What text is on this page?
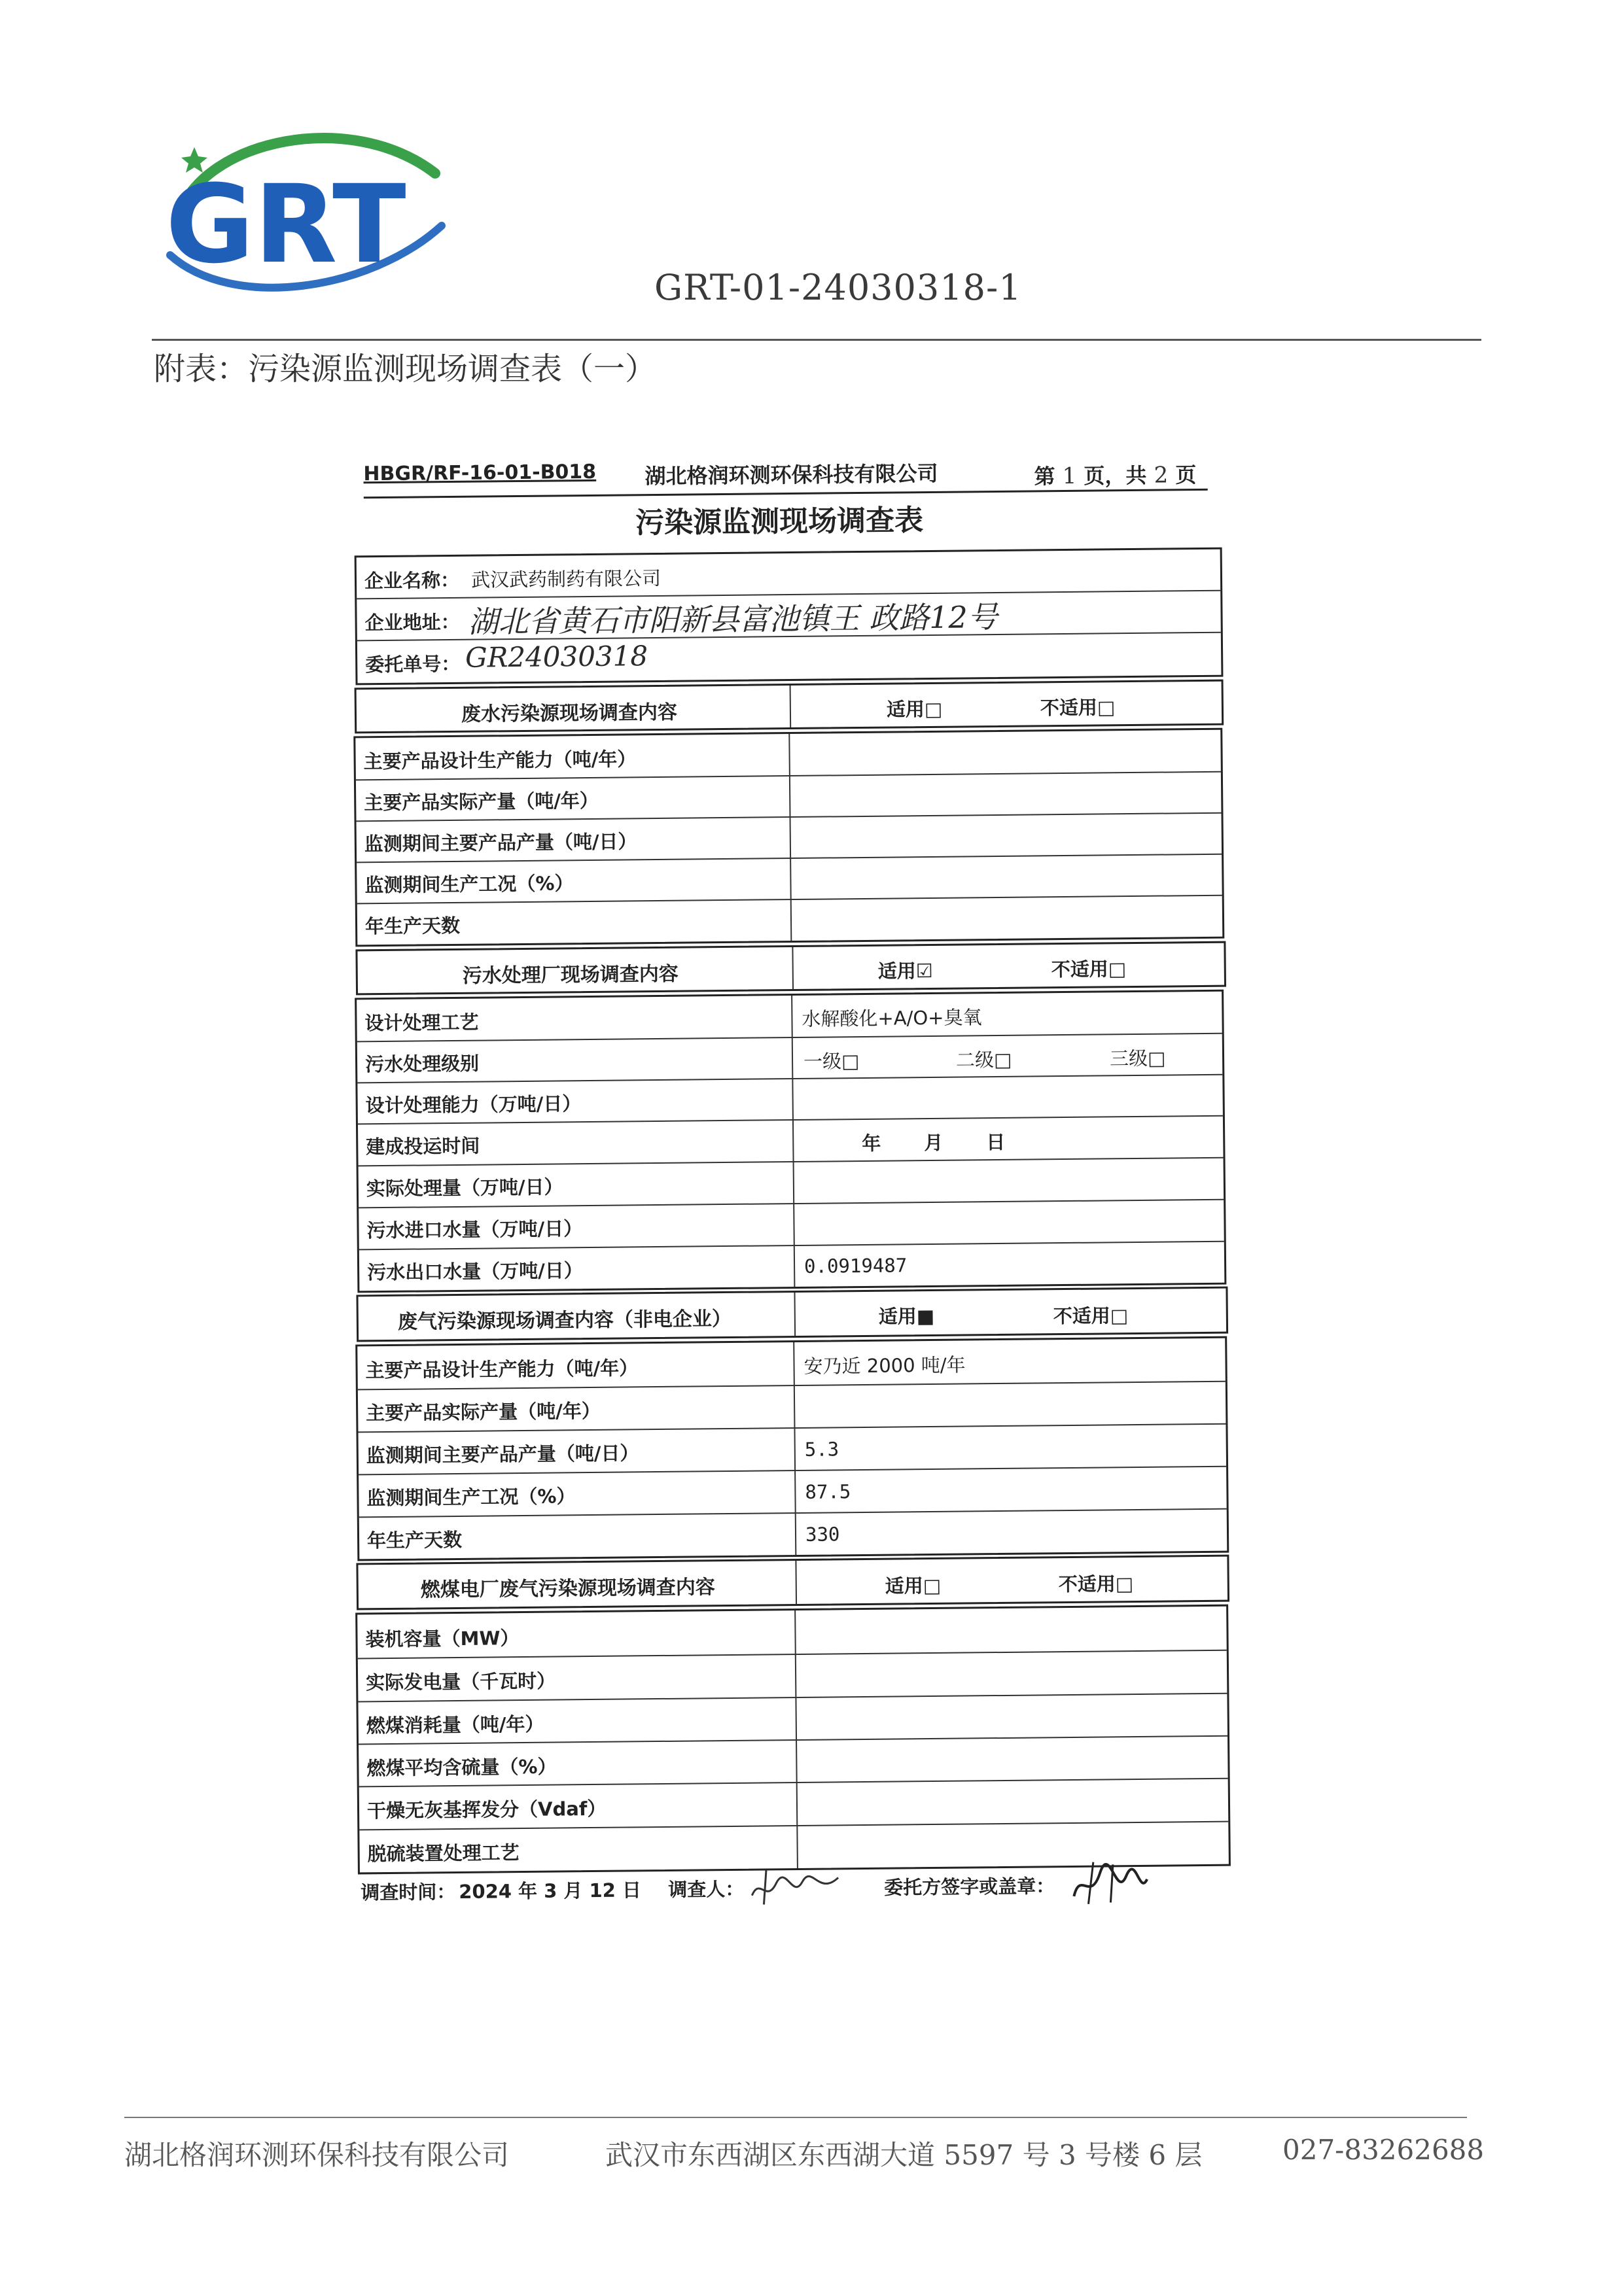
GRT
GRT-01-24030318-1
附表：污染源监测现场调查表（一）
HBGR/RF-16-01-B018 湖北格润环测环保科技有限公司	第 1 页，共 2 页
污染源监测现场调查表
企业名称： 武汉武药制药有限公司
企业地址： 湖北省黄石市阳新县富池镇王 政路12号
委托单号： GR24030318
废水污染源现场调查内容	适用□	不适用□
主要产品设计生产能力（吨/年）
主要产品实际产量（吨/年）
监测期间主要产品产量（吨/日）
监测期间生产工况（%）
年生产天数
污水处理厂现场调查内容	适用☑	不适用□
设计处理工艺	水解酸化+A/O+臭氧
污水处理级别	一级□	二级□	三级□
设计处理能力（万吨/日）
建成投运时间	年 月 日
实际处理量（万吨/日）
污水进口水量（万吨/日）
污水出口水量（万吨/日）	0.0919487
废气污染源现场调查内容（非电企业）	适用■	不适用□
主要产品设计生产能力（吨/年）	安乃近 2000 吨/年
主要产品实际产量（吨/年）
监测期间主要产品产量（吨/日）	5.3
监测期间生产工况（%）	87.5
年生产天数	330
燃煤电厂废气污染源现场调查内容	适用□	不适用□
装机容量（MW）
实际发电量（千瓦时）
燃煤消耗量（吨/年）
燃煤平均含硫量（%）
干燥无灰基挥发分（Vdaf）
脱硫装置处理工艺
调查时间： 2024 年 3 月 12 日 调查人：	委托方签字或盖章：
湖北格润环测环保科技有限公司	武汉市东西湖区东西湖大道 5597 号 3 号楼 6 层	027-83262688
